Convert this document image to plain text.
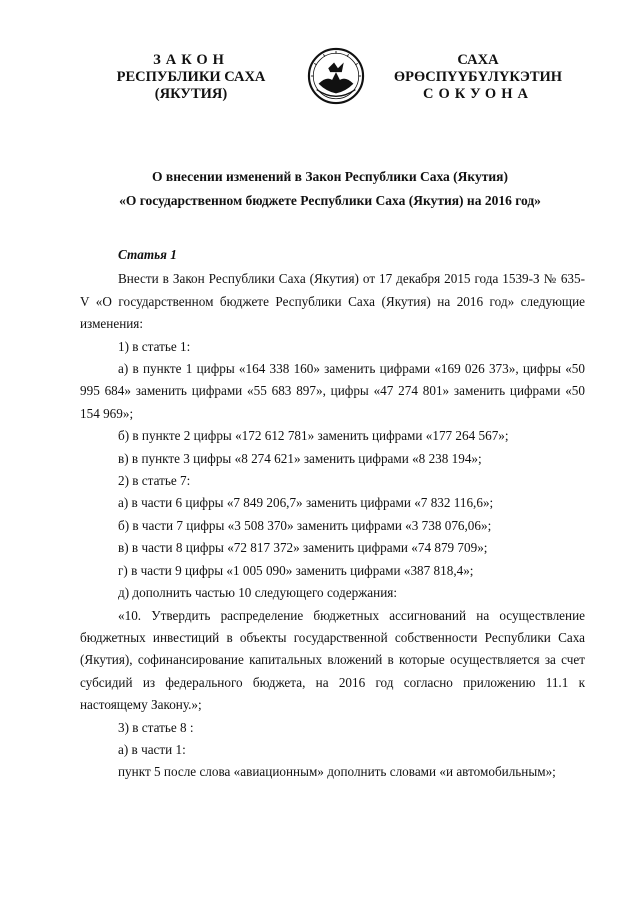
ЗАКОН
РЕСПУБЛИКИ САХА (ЯКУТИЯ)
САХА ӨРӨСПҮҮБҮЛҮКЭТИН
СОКУОНА
О внесении изменений в Закон Республики Саха (Якутия)
«О государственном бюджете Республики Саха (Якутия) на 2016 год»

Статья 1

Внести в Закон Республики Саха (Якутия) от 17 декабря 2015 года 1539-З № 635-V «О государственном бюджете Республики Саха (Якутия) на 2016 год» следующие изменения:

1) в статье 1:

а) в пункте 1 цифры «164 338 160» заменить цифрами «169 026 373», цифры «50 995 684» заменить цифрами «55 683 897», цифры «47 274 801» заменить цифрами «50 154 969»;

б) в пункте 2 цифры «172 612 781» заменить цифрами «177 264 567»;

в) в пункте 3 цифры «8 274 621» заменить цифрами «8 238 194»;

2) в статье 7:

а) в части 6 цифры «7 849 206,7» заменить цифрами «7 832 116,6»;

б) в части 7 цифры «3 508 370» заменить цифрами «3 738 076,06»;

в) в части 8 цифры «72 817 372» заменить цифрами «74 879 709»;

г) в части 9 цифры «1 005 090» заменить цифрами «387 818,4»;

д) дополнить частью 10 следующего содержания:

«10. Утвердить распределение бюджетных ассигнований на осуществление бюджетных инвестиций в объекты государственной собственности Республики Саха (Якутия), софинансирование капитальных вложений в которые осуществляется за счет субсидий из федерального бюджета, на 2016 год согласно приложению 11.1 к настоящему Закону.»;

3) в статье 8 :

а) в части 1:

пункт 5 после слова «авиационным» дополнить словами «и автомобильным»;
